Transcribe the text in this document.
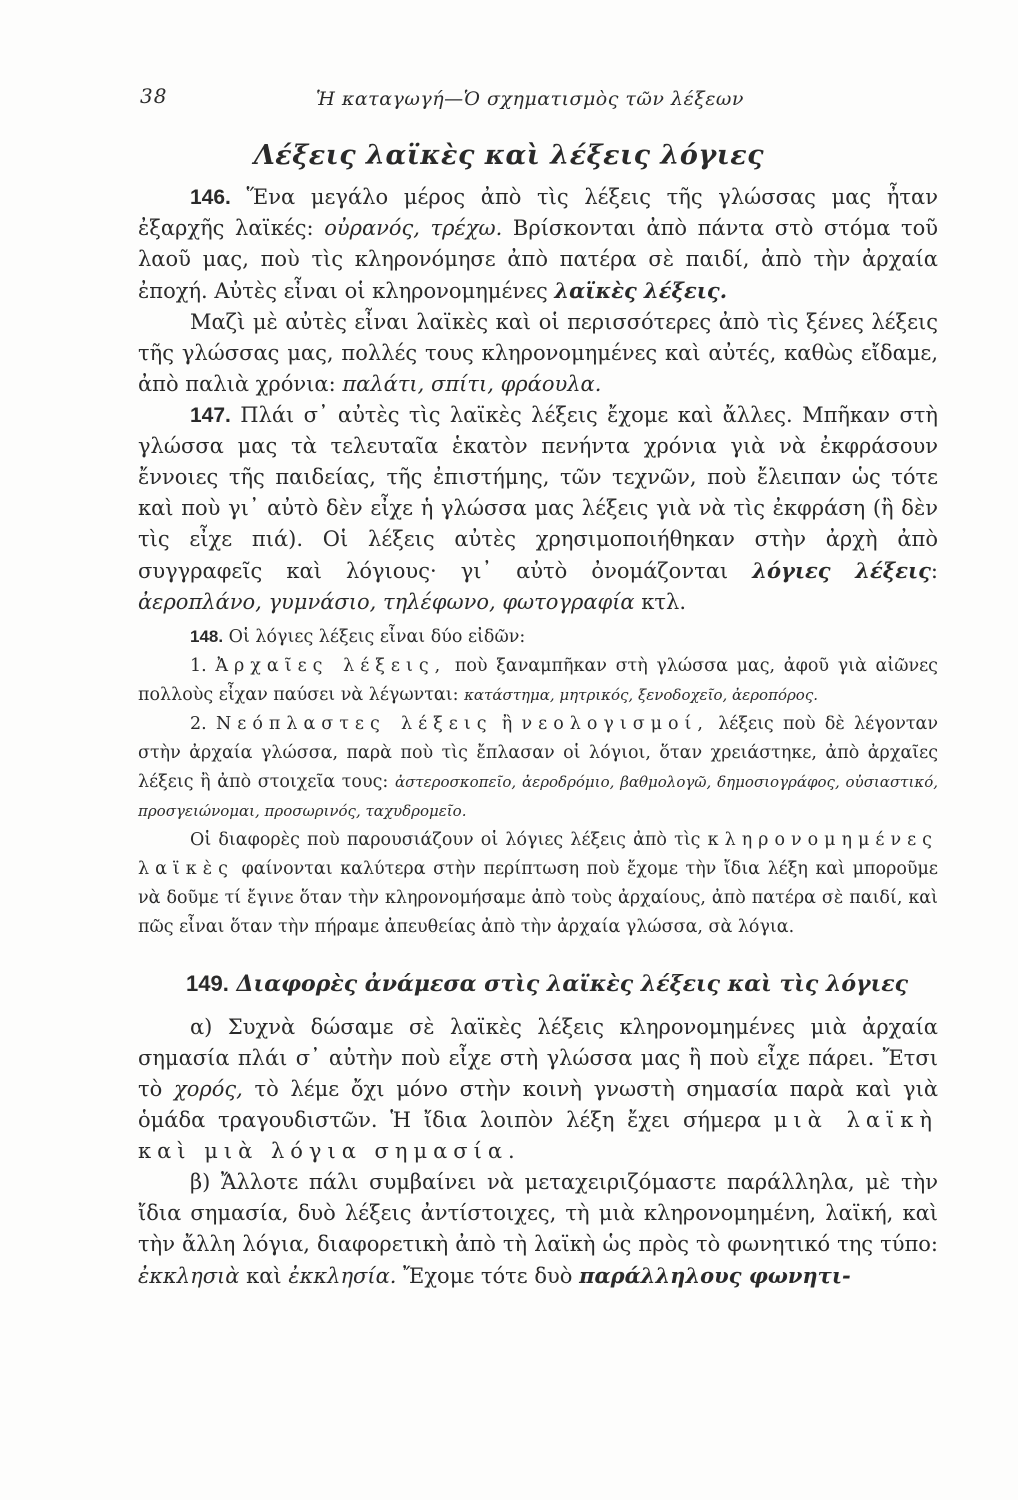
38	Ἡ καταγωγή—Ὁ σχηματισμὸς τῶν λέξεων
Λέξεις λαϊκὲς καὶ λέξεις λόγιες

146. Ἕνα μεγάλο μέρος ἀπὸ τὶς λέξεις τῆς γλώσσας μας ἦταν ἐξαρχῆς λαϊκές: οὐρανός, τρέχω. Βρίσκονται ἀπὸ πάντα στὸ στόμα τοῦ λαοῦ μας, ποὺ τὶς κληρονόμησε ἀπὸ πατέρα σὲ παιδί, ἀπὸ τὴν ἀρχαία ἐποχή. Αὐτὲς εἶναι οἱ κληρονομημένες λαϊκὲς λέξεις.

Μαζὶ μὲ αὐτὲς εἶναι λαϊκὲς καὶ οἱ περισσότερες ἀπὸ τὶς ξένες λέξεις τῆς γλώσσας μας, πολλές τους κληρονομημένες καὶ αὐτές, καθὼς εἴδαμε, ἀπὸ παλιὰ χρόνια: παλάτι, σπίτι, φράουλα.

147. Πλάι σ᾿ αὐτὲς τὶς λαϊκὲς λέξεις ἔχομε καὶ ἄλλες. Μπῆκαν στὴ γλώσσα μας τὰ τελευταῖα ἑκατὸν πενήντα χρόνια γιὰ νὰ ἐκφράσουν ἔννοιες τῆς παιδείας, τῆς ἐπιστήμης, τῶν τεχνῶν, ποὺ ἔλειπαν ὡς τότε καὶ ποὺ γι᾿ αὐτὸ δὲν εἶχε ἡ γλώσσα μας λέξεις γιὰ νὰ τὶς ἐκφράση (ἢ δὲν τὶς εἶχε πιά). Οἱ λέξεις αὐτὲς χρησιμοποιήθηκαν στὴν ἀρχὴ ἀπὸ συγγραφεῖς καὶ λόγιους· γι᾿ αὐτὸ ὀνομάζονται λόγιες λέξεις: ἀεροπλάνο, γυμνάσιο, τηλέφωνο, φωτογραφία κτλ.

148. Οἱ λόγιες λέξεις εἶναι δύο εἰδῶν:

1. Ἀρχαῖες λέξεις, ποὺ ξαναμπῆκαν στὴ γλώσσα μας, ἀφοῦ γιὰ αἰῶνες πολλοὺς εἶχαν παύσει νὰ λέγωνται: κατάστημα, μητρικός, ξενοδοχεῖο, ἀεροπόρος.

2. Νεόπλαστες λέξεις ἢ νεολογισμοί, λέξεις ποὺ δὲ λέγονταν στὴν ἀρχαία γλώσσα, παρὰ ποὺ τὶς ἔπλασαν οἱ λόγιοι, ὅταν χρειάστηκε, ἀπὸ ἀρχαῖες λέξεις ἢ ἀπὸ στοιχεῖα τους: ἀστεροσκοπεῖο, ἀεροδρόμιο, βαθμολογῶ, δημοσιογράφος, οὐσιαστικό, προσγειώνομαι, προσωρινός, ταχυδρομεῖο.

Οἱ διαφορὲς ποὺ παρουσιάζουν οἱ λόγιες λέξεις ἀπὸ τὶς κληρονομημένες λαϊκὲς φαίνονται καλύτερα στὴν περίπτωση ποὺ ἔχομε τὴν ἴδια λέξη καὶ μποροῦμε νὰ δοῦμε τί ἔγινε ὅταν τὴν κληρονομήσαμε ἀπὸ τοὺς ἀρχαίους, ἀπὸ πατέρα σὲ παιδί, καὶ πῶς εἶναι ὅταν τὴν πήραμε ἀπευθείας ἀπὸ τὴν ἀρχαία γλώσσα, σὰ λόγια.

149. Διαφορὲς ἀνάμεσα στὶς λαϊκὲς λέξεις καὶ τὶς λόγιες

α) Συχνὰ δώσαμε σὲ λαϊκὲς λέξεις κληρονομημένες μιὰ ἀρχαία σημασία πλάι σ᾿ αὐτὴν ποὺ εἶχε στὴ γλώσσα μας ἢ ποὺ εἶχε πάρει. Ἔτσι τὸ χορός, τὸ λέμε ὄχι μόνο στὴν κοινὴ γνωστὴ σημασία παρὰ καὶ γιὰ ὁμάδα τραγουδιστῶν. Ἡ ἴδια λοιπὸν λέξη ἔχει σήμερα μιὰ λαϊκὴ καὶ μιὰ λόγια σημασία.

β) Ἄλλοτε πάλι συμβαίνει νὰ μεταχειριζόμαστε παράλληλα, μὲ τὴν ἴδια σημασία, δυὸ λέξεις ἀντίστοιχες, τὴ μιὰ κληρονομημένη, λαϊκή, καὶ τὴν ἄλλη λόγια, διαφορετικὴ ἀπὸ τὴ λαϊκὴ ὡς πρὸς τὸ φωνητικό της τύπο: ἐκκλησιὰ καὶ ἐκκλησία. Ἔχομε τότε δυὸ παράλληλους φωνητι-
